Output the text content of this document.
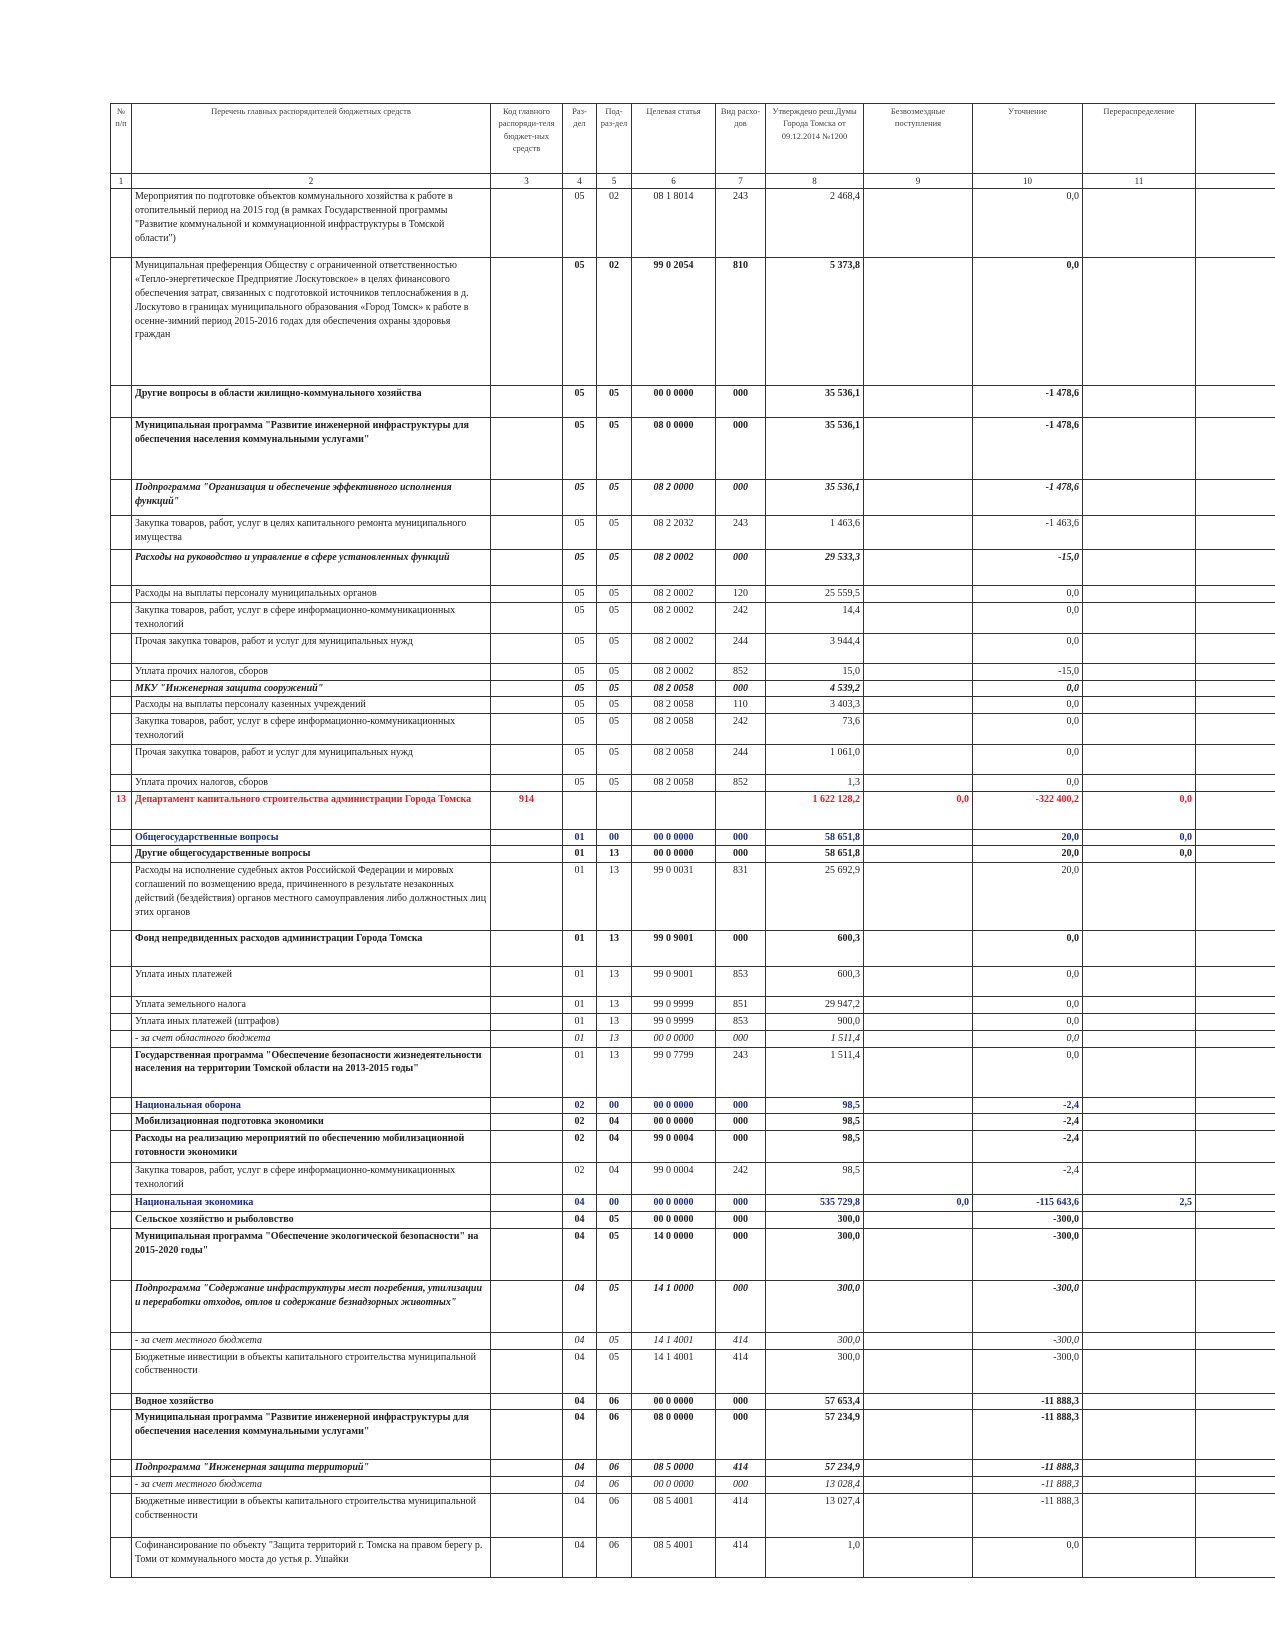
№ п/п	Перечень главных распорядителей бюджетных средств	Код главного распоряди-теля бюджет-ных средств	Раз-дел	Под-раз-дел	Целевая статья	Вид расхо-дов	Утверждено реш.Думы Города Томска от 09.12.2014 №1200	Безвозмездные поступления	Уточнение	Перераспределение	
1	2	3	4	5	6	7	8	9	10	11	
	Мероприятия по подготовке объектов коммунального хозяйства к работе в отопительный период на 2015 год (в рамках Государственной программы "Развитие коммунальной и коммунационной инфраструктуры в Томской области")		05	02	08 1 8014	243	2 468,4		0,0		
	Муниципальная преференция Обществу с ограниченной ответственностью «Тепло-энергетическое Предприятие Лоскутовское» в целях финансового обеспечения затрат, связанных с подготовкой источников теплоснабжения в д. Лоскутово в границах муниципального образования «Город Томск» к работе в осенне-зимний период 2015-2016 годах для обеспечения охраны здоровья граждан		05	02	99 0 2054	810	5 373,8		0,0		
	Другие вопросы в области жилищно-коммунального хозяйства		05	05	00 0 0000	000	35 536,1		-1 478,6		
	Муниципальная программа "Развитие инженерной инфраструктуры для обеспечения населения коммунальными услугами"		05	05	08 0 0000	000	35 536,1		-1 478,6		
	Подпрограмма "Организация и обеспечение эффективного исполнения функций"		05	05	08 2 0000	000	35 536,1		-1 478,6		
	Закупка товаров, работ, услуг в целях капитального ремонта муниципального имущества		05	05	08 2 2032	243	1 463,6		-1 463,6		
	Расходы на руководство и управление в сфере установленных функций		05	05	08 2 0002	000	29 533,3		-15,0		
	Расходы на выплаты персоналу муниципальных органов		05	05	08 2 0002	120	25 559,5		0,0		
	Закупка товаров, работ, услуг в сфере информационно-коммуникационных технологий		05	05	08 2 0002	242	14,4		0,0		
	Прочая закупка товаров, работ и услуг для муниципальных нужд		05	05	08 2 0002	244	3 944,4		0,0		
	Уплата прочих налогов, сборов		05	05	08 2 0002	852	15,0		-15,0		
	МКУ "Инженерная защита сооружений"		05	05	08 2 0058	000	4 539,2		0,0		
	Расходы на выплаты персоналу казенных учреждений		05	05	08 2 0058	110	3 403,3		0,0		
	Закупка товаров, работ, услуг в сфере информационно-коммуникационных технологий		05	05	08 2 0058	242	73,6		0,0		
	Прочая закупка товаров, работ и услуг для муниципальных нужд		05	05	08 2 0058	244	1 061,0		0,0		
	Уплата прочих налогов, сборов		05	05	08 2 0058	852	1,3		0,0		
13	Департамент капитального строительства администрации Города Томска	914					1 622 128,2	0,0	-322 400,2	0,0	
	Общегосударственные вопросы		01	00	00 0 0000	000	58 651,8		20,0	0,0	
	Другие общегосударственные вопросы		01	13	00 0 0000	000	58 651,8		20,0	0,0	
	Расходы на исполнение судебных актов Российской Федерации и мировых соглашений по возмещению вреда, причиненного в результате незаконных действий (бездействия) органов местного самоуправления либо должностных лиц этих органов		01	13	99 0 0031	831	25 692,9		20,0		
	Фонд непредвиденных расходов администрации Города Томска		01	13	99 0 9001	000	600,3		0,0		
	Уплата иных платежей		01	13	99 0 9001	853	600,3		0,0		
	Уплата земельного налога		01	13	99 0 9999	851	29 947,2		0,0		
	Уплата иных платежей (штрафов)		01	13	99 0 9999	853	900,0		0,0		
	- за счет областного бюджета		01	13	00 0 0000	000	1 511,4		0,0		
	Государственная программа "Обеспечение безопасности жизнедеятельности населения на территории Томской области на 2013-2015 годы"		01	13	99 0 7799	243	1 511,4		0,0		
	Национальная оборона		02	00	00 0 0000	000	98,5		-2,4		
	Мобилизационная подготовка экономики		02	04	00 0 0000	000	98,5		-2,4		
	Расходы на реализацию мероприятий по обеспечению мобилизационной готовности экономики		02	04	99 0 0004	000	98,5		-2,4		
	Закупка товаров, работ, услуг в сфере информационно-коммуникационных технологий		02	04	99 0 0004	242	98,5		-2,4		
	Национальная экономика		04	00	00 0 0000	000	535 729,8	0,0	-115 643,6	2,5	
	Сельское хозяйство и рыболовство		04	05	00 0 0000	000	300,0		-300,0		
	Муниципальная программа "Обеспечение экологической безопасности" на 2015-2020 годы"		04	05	14 0 0000	000	300,0		-300,0		
	Подпрограмма "Содержание инфраструктуры мест погребения, утилизации и переработки отходов, отлов и содержание безнадзорных животных"		04	05	14 1 0000	000	300,0		-300,0		
	- за счет местного бюджета		04	05	14 1 4001	414	300,0		-300,0		
	Бюджетные инвестиции в объекты капитального строительства муниципальной собственности		04	05	14 1 4001	414	300,0		-300,0		
	Водное хозяйство		04	06	00 0 0000	000	57 653,4		-11 888,3		
	Муниципальная программа "Развитие инженерной инфраструктуры для обеспечения населения коммунальными услугами"		04	06	08 0 0000	000	57 234,9		-11 888,3		
	Подпрограмма "Инженерная защита территорий"		04	06	08 5 0000	414	57 234,9		-11 888,3		
	- за счет местного бюджета		04	06	00 0 0000	000	13 028,4		-11 888,3		
	Бюджетные инвестиции в объекты капитального строительства муниципальной собственности		04	06	08 5 4001	414	13 027,4		-11 888,3		
	Софинансирование по объекту "Защита территорий г. Томска на правом берегу р. Томи от коммунального моста до устья р. Ушайки		04	06	08 5 4001	414	1,0		0,0		
